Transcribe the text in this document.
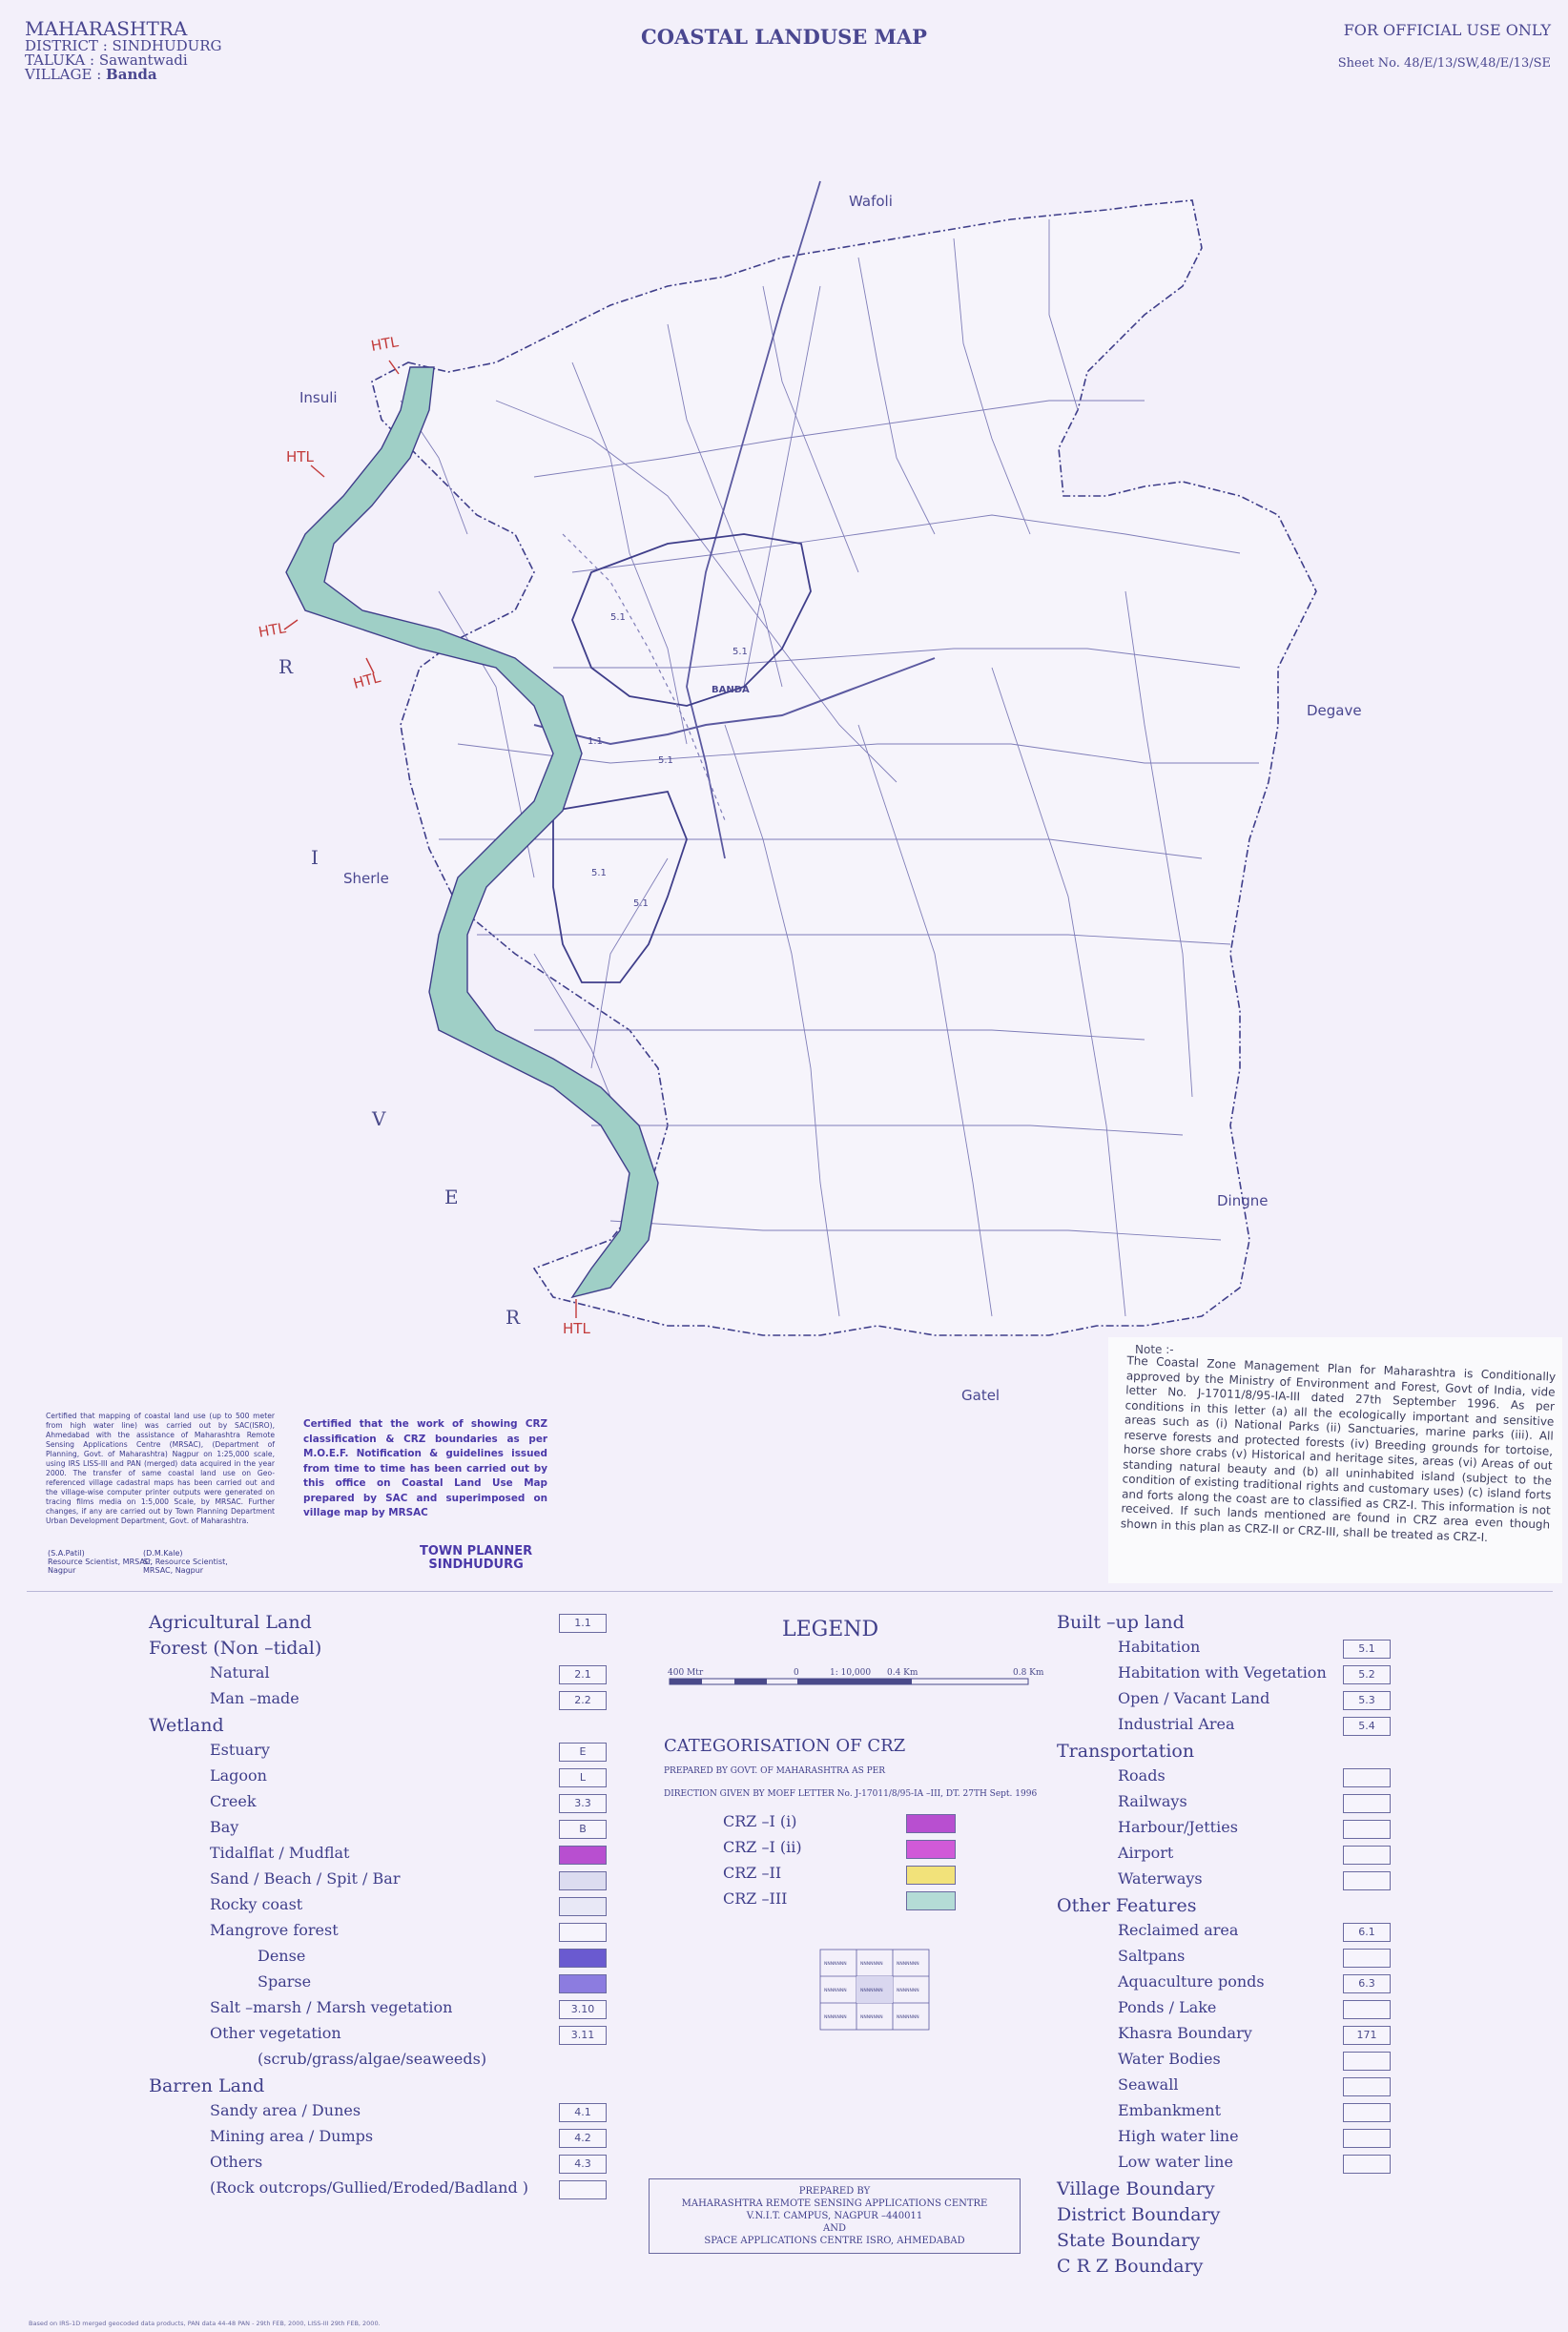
MAHARASHTRA
DISTRICT : SINDHUDURG
TALUKA : Sawantwadi
VILLAGE : Banda
COASTAL LANDUSE MAP	FOR OFFICIAL USE ONLY
Sheet No. 48/E/13/SW,48/E/13/SE
5.1
5.1
5.1
5.1
1.1
5.1
HTL
HTL
HTL
HTL
HTL
R
I
V
E
R
Wafoli
Insuli
Sherle
Degave
Dingne
Gatel
BANDA
Note :-
The Coastal Zone Management Plan for Maharashtra is Conditionally approved by the Ministry of Environment and Forest, Govt of India, vide letter No. J-17011/8/95-IA-III dated 27th September 1996. As per conditions in this letter (a) all the ecologically important and sensitive areas such as (i) National Parks (ii) Sanctuaries, marine parks (iii). All reserve forests and protected forests (iv) Breeding grounds for tortoise, horse shore crabs (v) Historical and heritage sites, areas (vi) Areas of out standing natural beauty and (b) all uninhabited island (subject to the condition of existing traditional rights and customary uses) (c) island forts and forts along the coast are to classified as CRZ-I. This information is not received. If such lands mentioned are found in CRZ area even though shown in this plan as CRZ-II or CRZ-III, shall be treated as CRZ-I.
Certified that mapping of coastal land use (up to 500 meter from high water line) was carried out by SAC(ISRO), Ahmedabad with the assistance of Maharashtra Remote Sensing Applications Centre (MRSAC), (Department of Planning, Govt. of Maharashtra) Nagpur on 1:25,000 scale, using IRS LISS-III and PAN (merged) data acquired in the year 2000. The transfer of same coastal land use on Geo-referenced village cadastral maps has been carried out and the village-wise computer printer outputs were generated on tracing films media on 1:5,000 Scale, by MRSAC. Further changes, if any are carried out by Town Planning Department Urban Development Department, Govt. of Maharashtra.
Certified that the work of showing CRZ classification & CRZ boundaries as per M.O.E.F. Notification & guidelines issued from time to time has been carried out by this office on Coastal Land Use Map prepared by SAC and superimposed on village map by MRSAC
(S.A.Patil)
Resource Scientist, MRSAC, Nagpur
(D.M.Kale)
Sr. Resource Scientist, MRSAC, Nagpur
TOWN PLANNER
SINDHUDURG
Agricultural Land	1.1
Forest (Non –tidal)
Natural	2.1
Man –made	2.2
Wetland
Estuary	E
Lagoon	L
Creek	3.3
Bay	B
Tidalflat / Mudflat
Sand / Beach / Spit / Bar
Rocky coast
Mangrove forest
Dense
Sparse
Salt –marsh / Marsh vegetation	3.10
Other vegetation	3.11
(scrub/grass/algae/seaweeds)
Barren Land
Sandy area / Dunes	4.1
Mining area / Dumps	4.2
Others	4.3
(Rock outcrops/Gullied/Eroded/Badland )
LEGEND
400 Mtr	0	1: 10,000 0.4 Km	0.8 Km
CATEGORISATION OF CRZ
PREPARED BY GOVT. OF MAHARASHTRA AS PER
DIRECTION GIVEN BY MOEF LETTER No. J-17011/8/95-IA –III, DT. 27TH Sept. 1996
CRZ –I (i)
CRZ –I (ii)
CRZ –II
CRZ –III
NNNNNNN	NNNNNNN	NNNNNNN
NNNNNNN	NNNNNNN	NNNNNNN
NNNNNNN	NNNNNNN	NNNNNNN
PREPARED BY
MAHARASHTRA REMOTE SENSING APPLICATIONS CENTRE
V.N.I.T. CAMPUS, NAGPUR –440011
AND
SPACE APPLICATIONS CENTRE ISRO, AHMEDABAD
Built –up land
Habitation	5.1
Habitation with Vegetation	5.2
Open / Vacant Land	5.3
Industrial Area	5.4
Transportation
Roads
Railways
Harbour/Jetties
Airport
Waterways
Other Features
Reclaimed area	6.1
Saltpans
Aquaculture ponds	6.3
Ponds / Lake
Khasra Boundary	171
Water Bodies
Seawall
Embankment
High water line
Low water line
Village Boundary
District Boundary
State Boundary
C R Z Boundary
Based on IRS-1D merged geocoded data products, PAN data 44-48 PAN - 29th FEB, 2000, LISS-III 29th FEB, 2000.
